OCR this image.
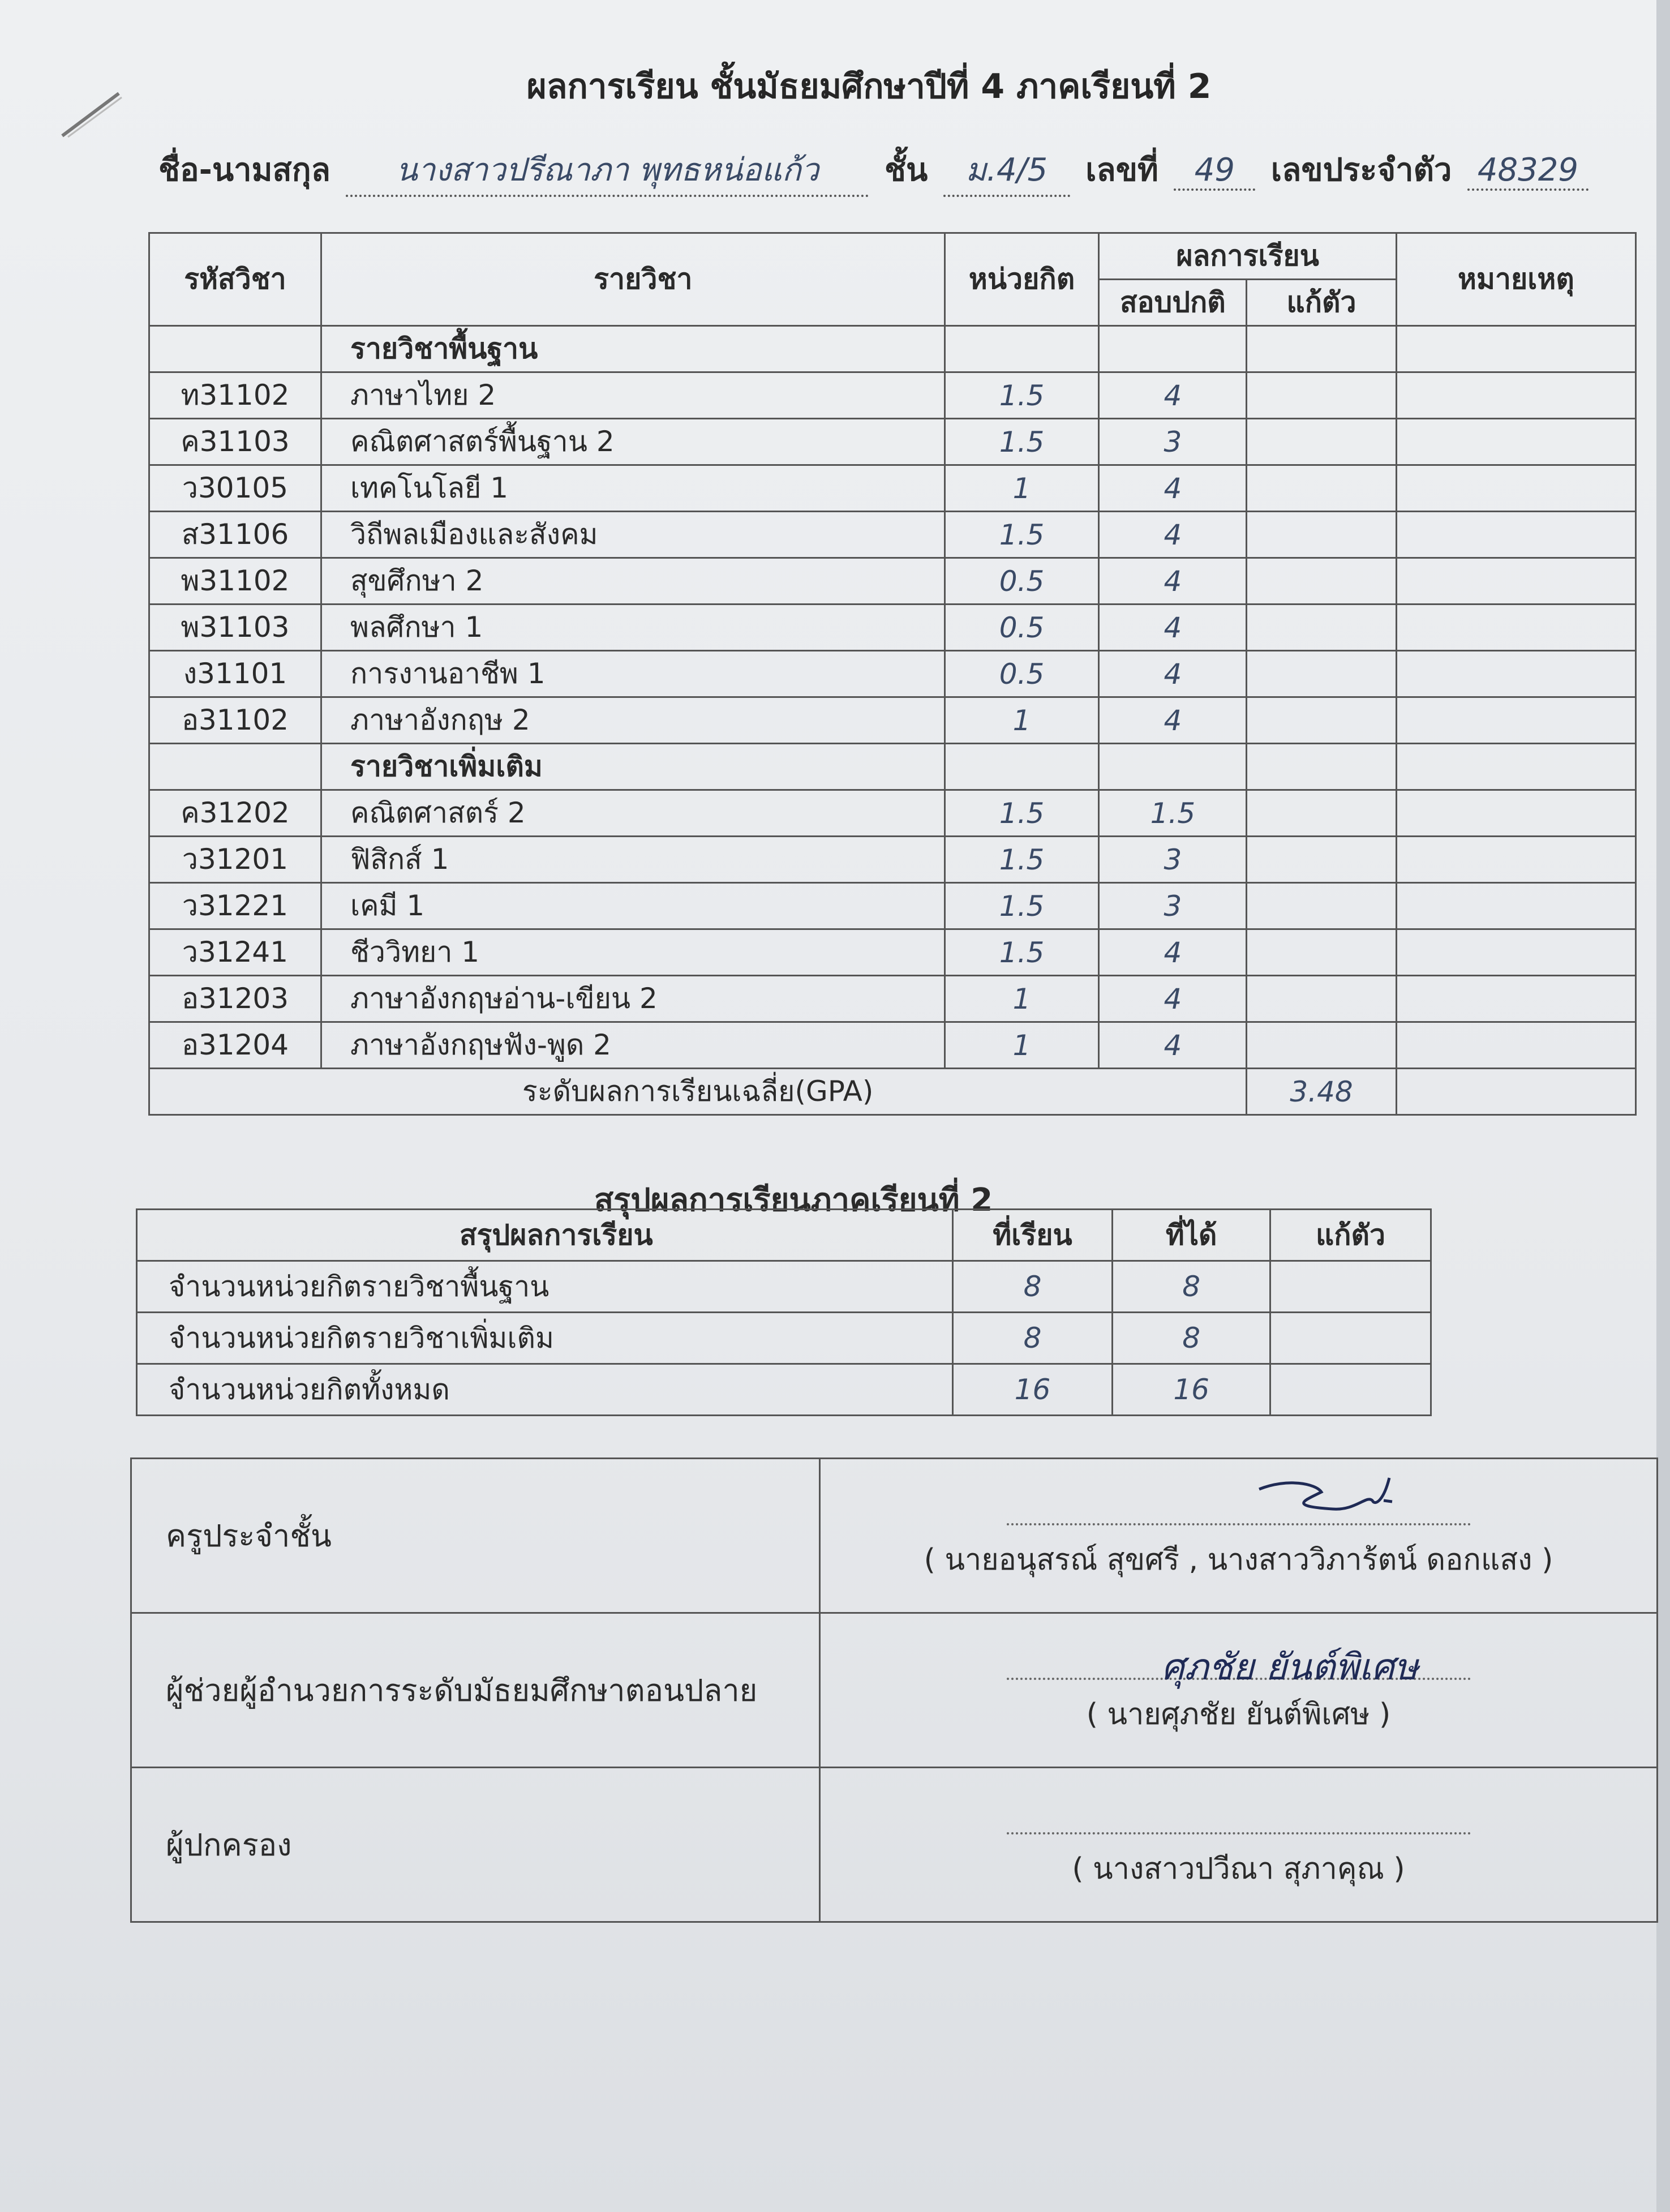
ผลการเรียน ชั้นมัธยมศึกษาปีที่ 4 ภาคเรียนที่ 2
ชื่อ-นามสกุล นางสาวปรีณาภา พุทธหน่อแก้ว ชั้น ม.4/5 เลขที่ 49 เลขประจำตัว 48329
รหัสวิชา	รายวิชา	หน่วยกิต	ผลการเรียน		หมายเหตุ
			สอบปกติ	แก้ตัว	
	รายวิชาพื้นฐาน				
ท31102	ภาษาไทย 2	1.5	4		
ค31103	คณิตศาสตร์พื้นฐาน 2	1.5	3		
ว30105	เทคโนโลยี 1	1	4		
ส31106	วิถีพลเมืองและสังคม	1.5	4		
พ31102	สุขศึกษา 2	0.5	4		
พ31103	พลศึกษา 1	0.5	4		
ง31101	การงานอาชีพ 1	0.5	4		
อ31102	ภาษาอังกฤษ 2	1	4		
	รายวิชาเพิ่มเติม				
ค31202	คณิตศาสตร์ 2	1.5	1.5		
ว31201	ฟิสิกส์ 1	1.5	3		
ว31221	เคมี 1	1.5	3		
ว31241	ชีววิทยา 1	1.5	4		
อ31203	ภาษาอังกฤษอ่าน-เขียน 2	1	4		
อ31204	ภาษาอังกฤษฟัง-พูด 2	1	4		
ระดับผลการเรียนเฉลี่ย(GPA)				3.48	
สรุปผลการเรียนภาคเรียนที่ 2
สรุปผลการเรียน	ที่เรียน	ที่ได้	แก้ตัว
จำนวนหน่วยกิตรายวิชาพื้นฐาน	8	8	
จำนวนหน่วยกิตรายวิชาเพิ่มเติม	8	8	
จำนวนหน่วยกิตทั้งหมด	16	16	
ครูประจำชั้น	( นายอนุสรณ์ สุขศรี , นางสาววิภาร้ตน์ ดอกแสง )
ผู้ช่วยผู้อำนวยการระดับมัธยมศึกษาตอนปลาย	ศุภชัย ยันต์พิเศษ
( นายศุภชัย ยันต์พิเศษ )
ผู้ปกครอง	( นางสาวปวีณา สุภาคุณ )
